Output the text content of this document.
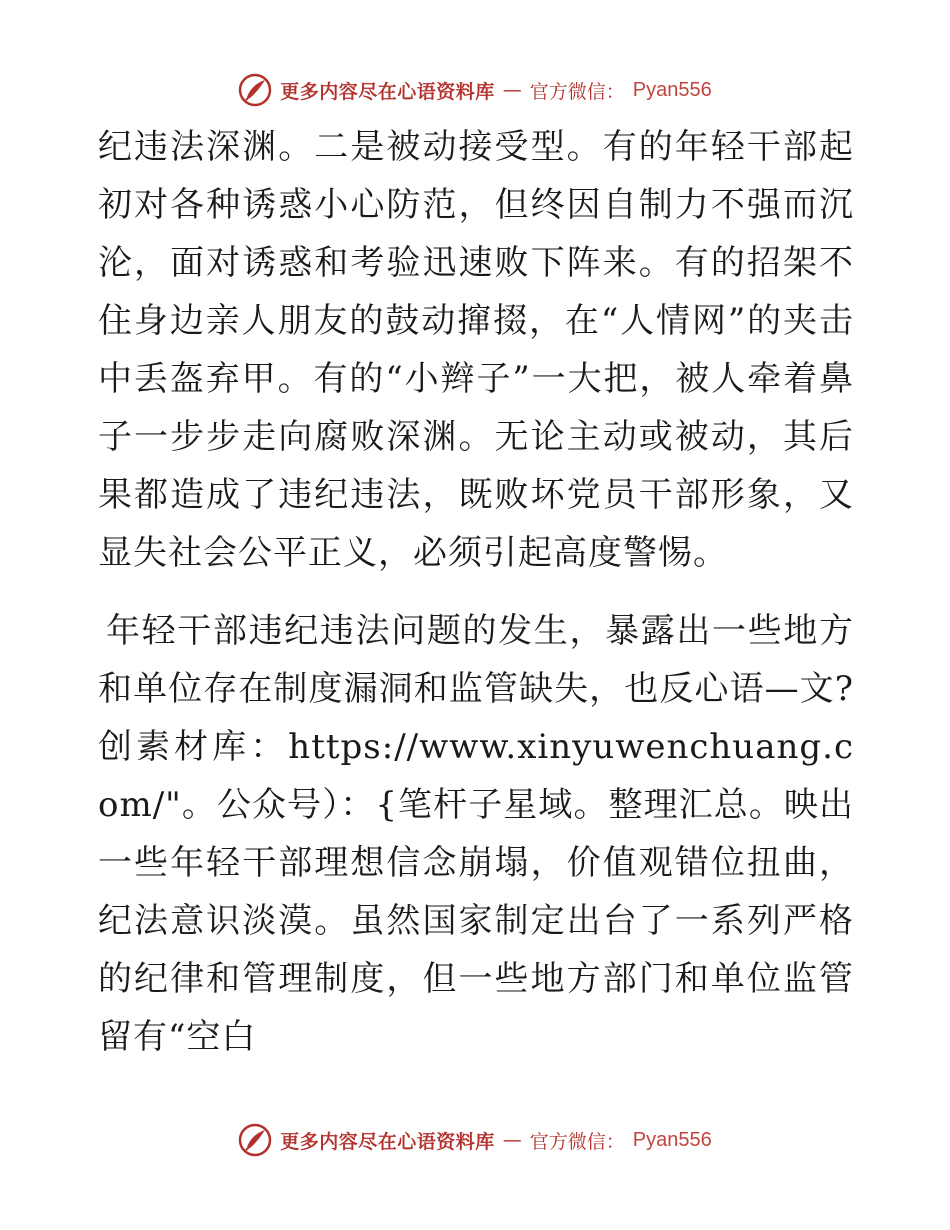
更多内容尽在心语资料库 — 官方微信： Pyan556

纪违法深渊。二是被动接受型。有的年轻干部起初对各种诱惑小心防范，但终因自制力不强而沉沦，面对诱惑和考验迅速败下阵来。有的招架不住身边亲人朋友的鼓动撺掇，在“人情网”的夹击中丢盔弃甲。有的“小辫子”一大把，被人牵着鼻子一步步走向腐败深渊。无论主动或被动，其后果都造成了违纪违法，既败坏党员干部形象，又显失社会公平正义，必须引起高度警惕。

年轻干部违纪违法问题的发生，暴露出一些地方和单位存在制度漏洞和监管缺失，也反心语—文?创素材库：https://www.xinyuwenchuang.com/"。公众号）：{笔杆子星域。整理汇总。映出一些年轻干部理想信念崩塌，价值观错位扭曲，纪法意识淡漠。虽然国家制定出台了一系列严格的纪律和管理制度，但一些地方部门和单位监管留有“空白

更多内容尽在心语资料库 — 官方微信： Pyan556
